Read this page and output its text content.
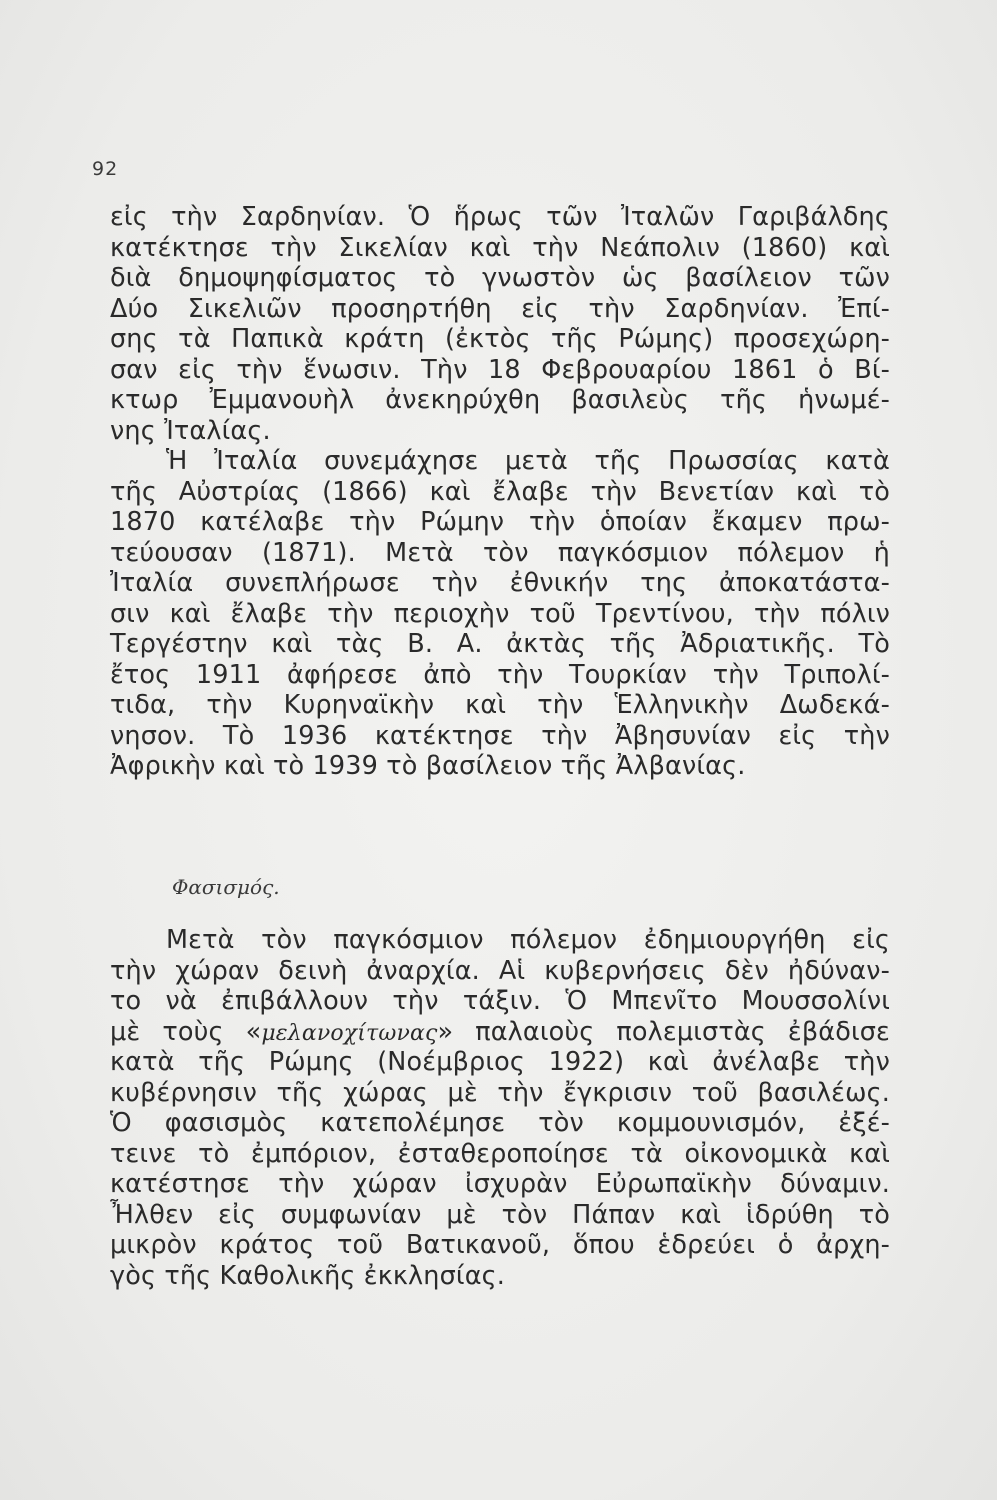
92
εἰς τὴν Σαρδηνίαν. Ὁ ἥρως τῶν Ἰταλῶν Γαριβάλδης
κατέκτησε τὴν Σικελίαν καὶ τὴν Νεάπολιν (1860) καὶ
διὰ δημοψηφίσματος τὸ γνωστὸν ὡς βασίλειον τῶν
Δύο Σικελιῶν προσηρτήθη εἰς τὴν Σαρδηνίαν. Ἐπί-
σης τὰ Παπικὰ κράτη (ἐκτὸς τῆς Ρώμης) προσεχώρη-
σαν εἰς τὴν ἕνωσιν. Τὴν 18 Φεβρουαρίου 1861 ὁ Βί-
κτωρ Ἐμμανουὴλ ἀνεκηρύχθη βασιλεὺς τῆς ἡνωμέ-
νης Ἰταλίας.
Ἡ Ἰταλία συνεμάχησε μετὰ τῆς Πρωσσίας κατὰ
τῆς Αὐστρίας (1866) καὶ ἔλαβε τὴν Βενετίαν καὶ τὸ
1870 κατέλαβε τὴν Ρώμην τὴν ὁποίαν ἔκαμεν πρω-
τεύουσαν (1871). Μετὰ τὸν παγκόσμιον πόλεμον ἡ
Ἰταλία συνεπλήρωσε τὴν ἐθνικήν της ἀποκατάστα-
σιν καὶ ἔλαβε τὴν περιοχὴν τοῦ Τρεντίνου, τὴν πόλιν
Τεργέστην καὶ τὰς Β. Α. ἀκτὰς τῆς Ἀδριατικῆς. Τὸ
ἔτος 1911 ἀφήρεσε ἀπὸ τὴν Τουρκίαν τὴν Τριπολί-
τιδα, τὴν Κυρηναϊκὴν καὶ τὴν Ἑλληνικὴν Δωδεκά-
νησον. Τὸ 1936 κατέκτησε τὴν Ἀβησυνίαν εἰς τὴν
Ἀφρικὴν καὶ τὸ 1939 τὸ βασίλειον τῆς Ἀλβανίας.
Φασισμός.
Μετὰ τὸν παγκόσμιον πόλεμον ἐδημιουργήθη εἰς
τὴν χώραν δεινὴ ἀναρχία. Αἱ κυβερνήσεις δὲν ἠδύναν-
το νὰ ἐπιβάλλουν τὴν τάξιν. Ὁ Μπενῖτο Μουσσολίνι
μὲ τοὺς «μελανοχίτωνας» παλαιοὺς πολεμιστὰς ἐβάδισε
κατὰ τῆς Ρώμης (Νοέμβριος 1922) καὶ ἀνέλαβε τὴν
κυβέρνησιν τῆς χώρας μὲ τὴν ἔγκρισιν τοῦ βασιλέως.
Ὁ φασισμὸς κατεπολέμησε τὸν κομμουνισμόν, ἐξέ-
τεινε τὸ ἐμπόριον, ἐσταθεροποίησε τὰ οἰκονομικὰ καὶ
κατέστησε τὴν χώραν ἰσχυρὰν Εὐρωπαϊκὴν δύναμιν.
Ἦλθεν εἰς συμφωνίαν μὲ τὸν Πάπαν καὶ ἱδρύθη τὸ
μικρὸν κράτος τοῦ Βατικανοῦ, ὅπου ἑδρεύει ὁ ἀρχη-
γὸς τῆς Καθολικῆς ἐκκλησίας.
